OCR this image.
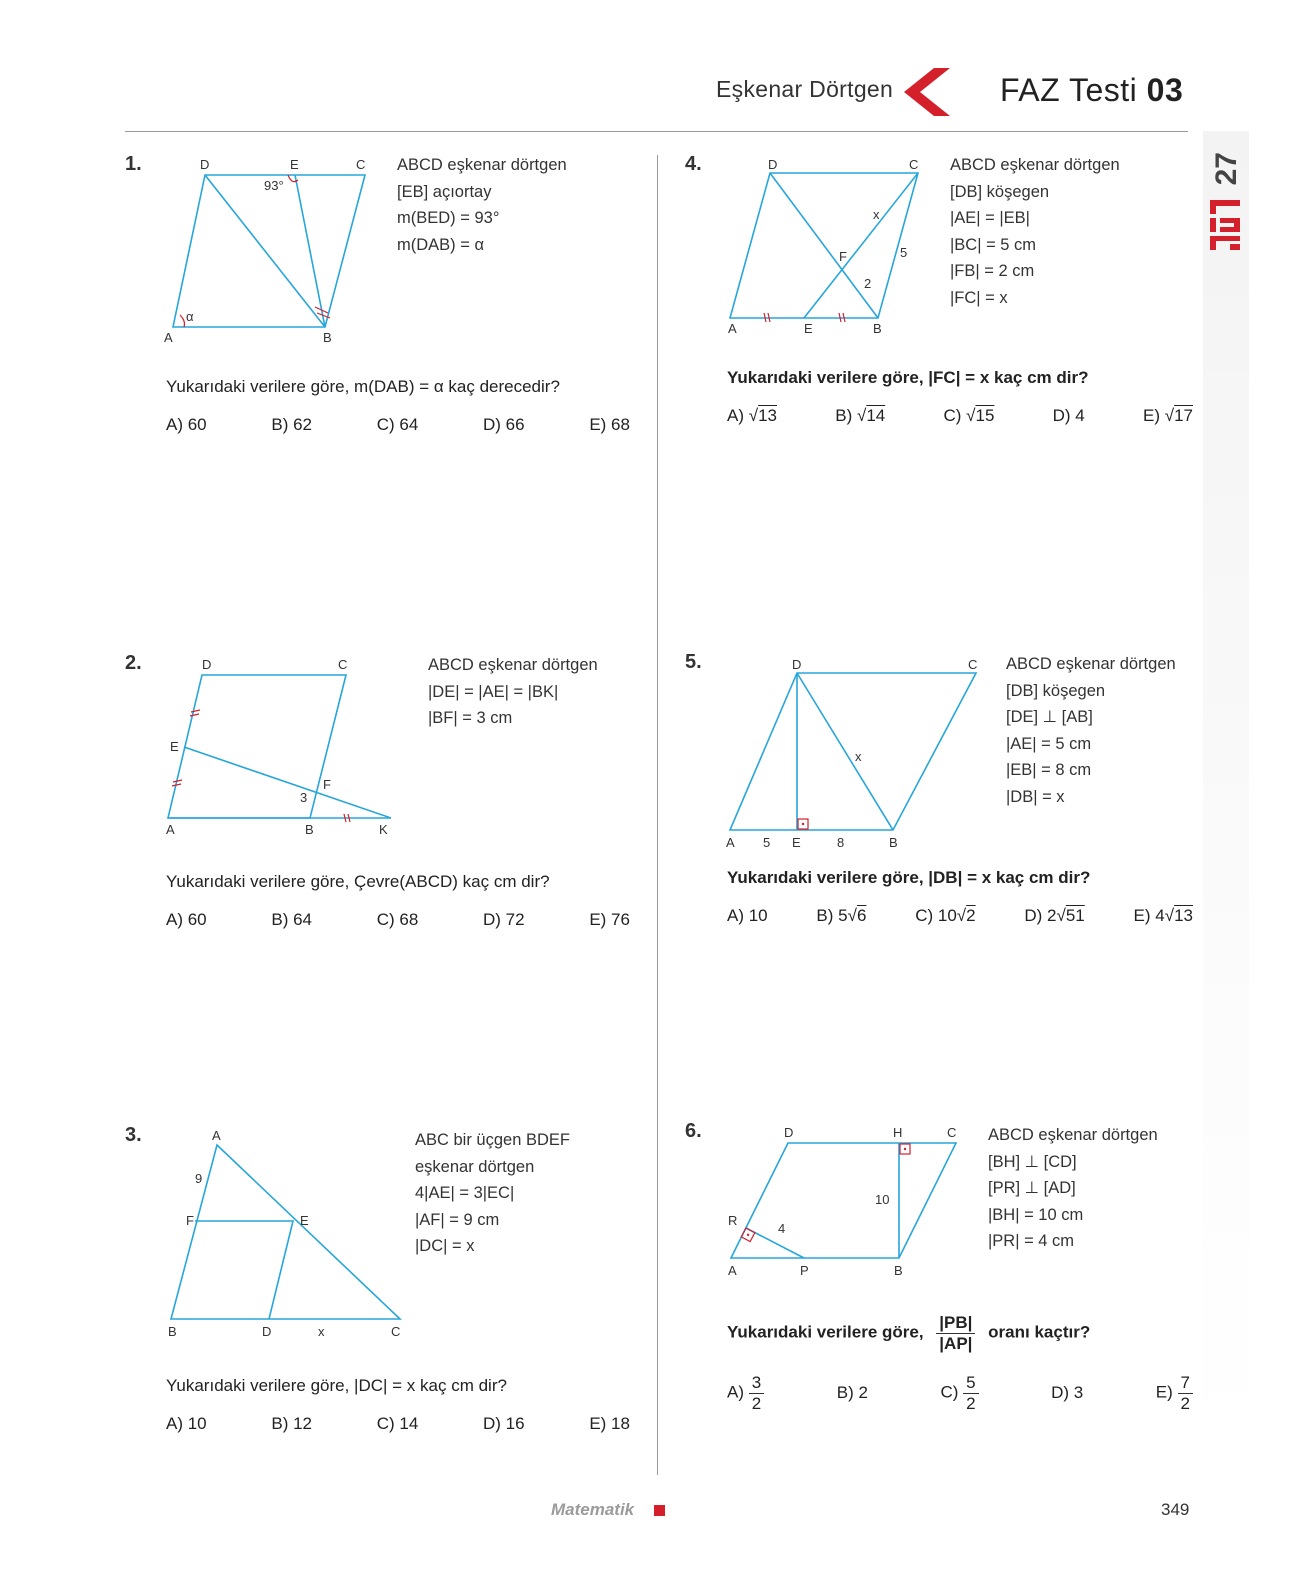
Eşkenar Dörtgen	FAZ Testi 03
27
1.	D	E	C
A	B
93°
α
ABCD eşkenar dörtgen
[EB] açıortay
m(BED) = 93°
m(DAB) = α
Yukarıdaki verilere göre, m(DAB) = α kaç derecedir?
A) 60	B) 62	C) 64	D) 66	E) 68
2.	D	C
E
F
3
A	B	K
ABCD eşkenar dörtgen
|DE| = |AE| = |BK|
|BF| = 3 cm
Yukarıdaki verilere göre, Çevre(ABCD) kaç cm dir?
A) 60	B) 64	C) 68	D) 72	E) 76
3.	A
9
F	E
B	D	x	C
ABC bir üçgen BDEF
eşkenar dörtgen
4|AE| = 3|EC|
|AF| = 9 cm
|DC| = x
Yukarıdaki verilere göre, |DC| = x kaç cm dir?
A) 10	B) 12	C) 14	D) 16	E) 18
4.	D	C
x
F	5
2
A	E	B
ABCD eşkenar dörtgen
[DB] köşegen
|AE| = |EB|
|BC| = 5 cm
|FB| = 2 cm
|FC| = x
Yukarıdaki verilere göre, |FC| = x kaç cm dir?
A) √13	B) √14	C) √15	D) 4	E) √17
5.	D	C
x
A 5 E	8	B
ABCD eşkenar dörtgen
[DB] köşegen
[DE] ⊥ [AB]
|AE| = 5 cm
|EB| = 8 cm
|DB| = x
Yukarıdaki verilere göre, |DB| = x kaç cm dir?
A) 10	B) 5√6	C) 10√2	D) 2√51	E) 4√13
6.	D	H	C
10
R
4
A	P	B
ABCD eşkenar dörtgen
[BH] ⊥ [CD]
[PR] ⊥ [AD]
|BH| = 10 cm
|PR| = 4 cm
Yukarıdaki verilere göre, $\frac{|PB|}{|AP|}$ oranı kaçtır?
$A) \frac{3}{2}$	B) 2	$C) \frac{5}{2}$	D) 3	$E) \frac{7}{2}$
Matematik	349
